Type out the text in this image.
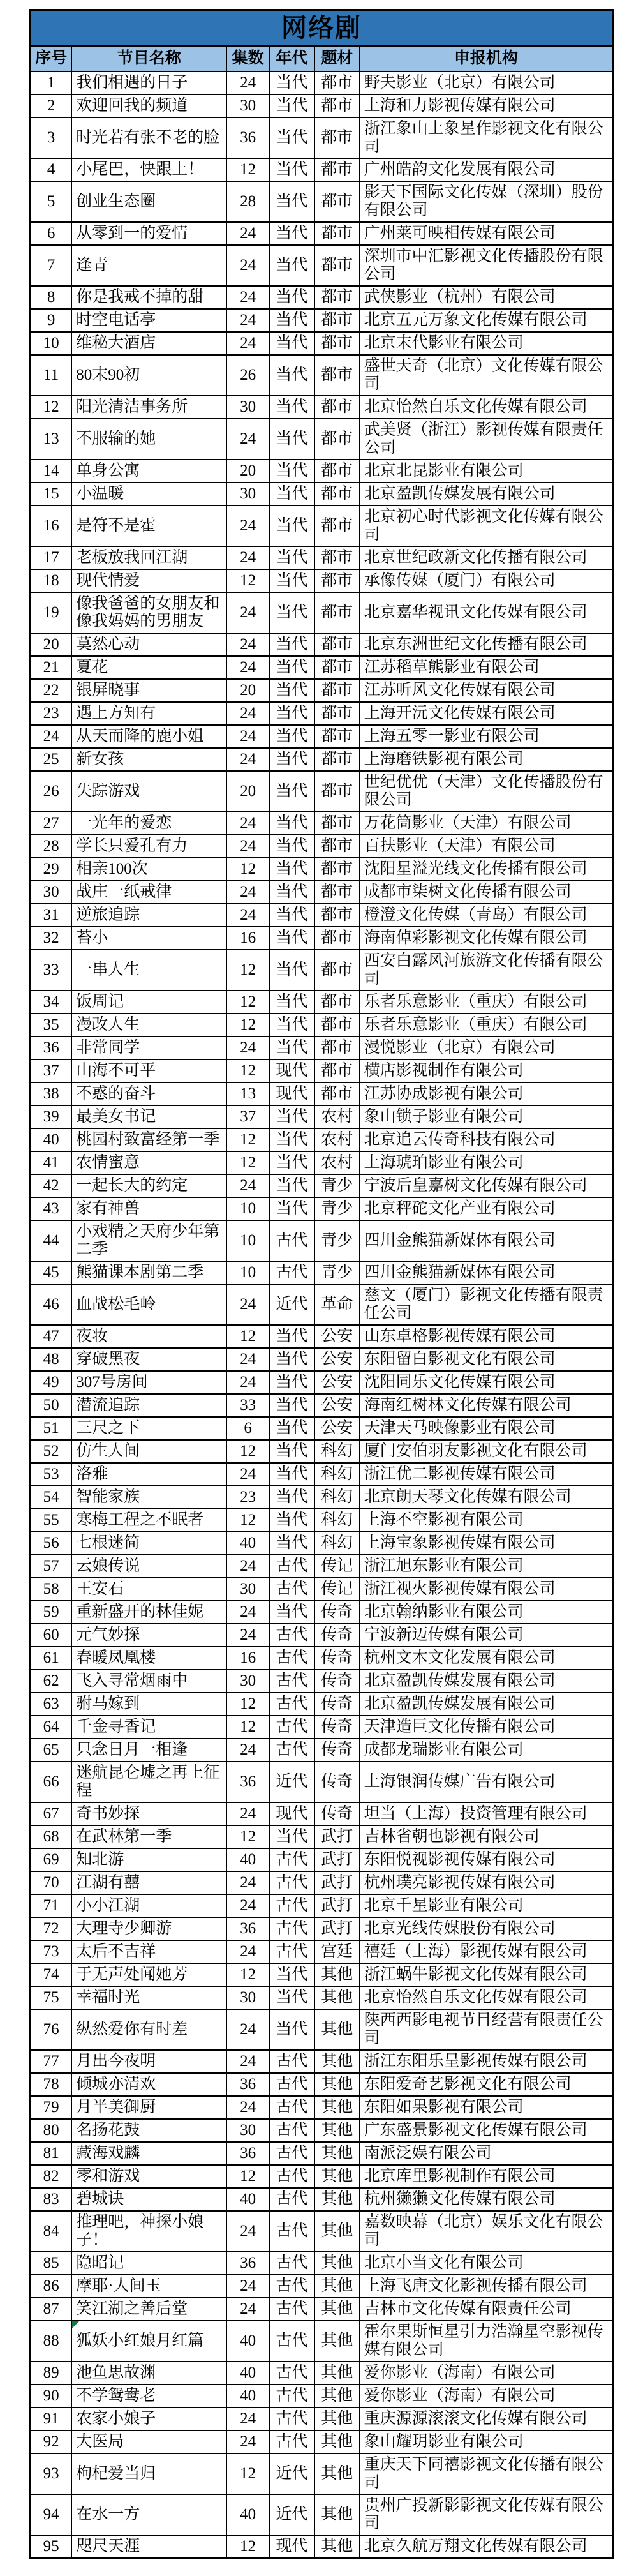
网络剧					
序号	节目名称	集数	年代	题材	申报机构
1	我们相遇的日子	24	当代	都市	野夫影业（北京）有限公司
2	欢迎回我的频道	30	当代	都市	上海和力影视传媒有限公司
3	时光若有张不老的脸	36	当代	都市	浙江象山上象星作影视文化有限公司
4	小尾巴，快跟上！	12	当代	都市	广州皓韵文化发展有限公司
5	创业生态圈	28	当代	都市	影天下国际文化传媒（深圳）股份有限公司
6	从零到一的爱情	24	当代	都市	广州莱可映相传媒有限公司
7	逢青	24	当代	都市	深圳市中汇影视文化传播股份有限公司
8	你是我戒不掉的甜	24	当代	都市	武侠影业（杭州）有限公司
9	时空电话亭	24	当代	都市	北京五元万象文化传媒有限公司
10	维秘大酒店	24	当代	都市	北京末代影业有限公司
11	80末90初	26	当代	都市	盛世天奇（北京）文化传媒有限公司
12	阳光清洁事务所	30	当代	都市	北京怡然自乐文化传媒有限公司
13	不服输的她	24	当代	都市	武美贤（浙江）影视传媒有限责任公司
14	单身公寓	20	当代	都市	北京北昆影业有限公司
15	小温暖	30	当代	都市	北京盈凯传媒发展有限公司
16	是符不是霍	24	当代	都市	北京初心时代影视文化传媒有限公司
17	老板放我回江湖	24	当代	都市	北京世纪政新文化传播有限公司
18	现代情爱	12	当代	都市	承像传媒（厦门）有限公司
19	像我爸爸的女朋友和像我妈妈的男朋友	24	当代	都市	北京嘉华视讯文化传媒有限公司
20	莫然心动	24	当代	都市	北京东洲世纪文化传播有限公司
21	夏花	24	当代	都市	江苏稻草熊影业有限公司
22	银屏晓事	20	当代	都市	江苏听风文化传媒有限公司
23	遇上方知有	24	当代	都市	上海开沅文化传媒有限公司
24	从天而降的鹿小姐	24	当代	都市	上海五零一影业有限公司
25	新女孩	24	当代	都市	上海磨铁影视有限公司
26	失踪游戏	20	当代	都市	世纪优优（天津）文化传播股份有限公司
27	一光年的爱恋	24	当代	都市	万花筒影业（天津）有限公司
28	学长只爱孔有力	24	当代	都市	百扶影业（天津）有限公司
29	相亲100次	12	当代	都市	沈阳星溢光线文化传播有限公司
30	战庄一纸戒律	24	当代	都市	成都市柒树文化传播有限公司
31	逆旅追踪	24	当代	都市	橙澄文化传媒（青岛）有限公司
32	苔小	16	当代	都市	海南倬彩影视文化传媒有限公司
33	一串人生	12	当代	都市	西安白露风河旅游文化传播有限公司
34	饭周记	12	当代	都市	乐者乐意影业（重庆）有限公司
35	漫改人生	12	当代	都市	乐者乐意影业（重庆）有限公司
36	非常同学	24	当代	都市	漫悦影业（北京）有限公司
37	山海不可平	12	现代	都市	横店影视制作有限公司
38	不惑的奋斗	13	现代	都市	江苏协成影视有限公司
39	最美女书记	37	当代	农村	象山锁子影业有限公司
40	桃园村致富经第一季	12	当代	农村	北京追云传奇科技有限公司
41	农情蜜意	12	当代	农村	上海琥珀影业有限公司
42	一起长大的约定	24	当代	青少	宁波后皇嘉树文化传媒有限公司
43	家有神兽	10	当代	青少	北京秤砣文化产业有限公司
44	小戏精之天府少年第二季	10	古代	青少	四川金熊猫新媒体有限公司
45	熊猫课本剧第二季	10	古代	青少	四川金熊猫新媒体有限公司
46	血战松毛岭	24	近代	革命	慈文（厦门）影视文化传播有限责任公司
47	夜妆	12	当代	公安	山东卓格影视传媒有限公司
48	穿破黑夜	24	当代	公安	东阳留白影视文化有限公司
49	307号房间	24	当代	公安	沈阳同乐文化传媒有限公司
50	潜流追踪	33	当代	公安	海南红树林文化传媒有限公司
51	三尺之下	6	当代	公安	天津天马映像影业有限公司
52	仿生人间	12	当代	科幻	厦门安伯羽友影视文化有限公司
53	洛雅	24	当代	科幻	浙江优二影视传媒有限公司
54	智能家族	23	当代	科幻	北京朗天琴文化传媒有限公司
55	寒梅工程之不眠者	12	当代	科幻	上海不空影视有限公司
56	七根迷简	40	当代	科幻	上海宝象影视传媒有限公司
57	云娘传说	24	古代	传记	浙江旭东影业有限公司
58	王安石	30	古代	传记	浙江视火影视传媒有限公司
59	重新盛开的林佳妮	24	当代	传奇	北京翰纳影业有限公司
60	元气妙探	24	古代	传奇	宁波新迈传媒有限公司
61	春暖凤凰楼	16	古代	传奇	杭州文木文化发展有限公司
62	飞入寻常烟雨中	30	古代	传奇	北京盈凯传媒发展有限公司
63	驸马嫁到	12	古代	传奇	北京盈凯传媒发展有限公司
64	千金寻香记	12	古代	传奇	天津造巨文化传播有限公司
65	只念日月一相逢	24	古代	传奇	成都龙瑞影业有限公司
66	迷航昆仑墟之再上征程	36	近代	传奇	上海银润传媒广告有限公司
67	奇书妙探	24	现代	传奇	坦当（上海）投资管理有限公司
68	在武林第一季	12	当代	武打	吉林省朝也影视有限公司
69	知北游	40	古代	武打	东阳悦视影视传媒有限公司
70	江湖有囍	24	古代	武打	杭州璞亮影视传媒有限公司
71	小小江湖	24	古代	武打	北京千星影业有限公司
72	大理寺少卿游	36	古代	武打	北京光线传媒股份有限公司
73	太后不吉祥	24	古代	宫廷	禧廷（上海）影视传媒有限公司
74	于无声处闻她芳	12	当代	其他	浙江蜗牛影视文化传媒有限公司
75	幸福时光	30	当代	其他	北京怡然自乐文化传媒有限公司
76	纵然爱你有时差	24	当代	其他	陕西西影电视节目经营有限责任公司
77	月出今夜明	24	古代	其他	浙江东阳乐呈影视传媒有限公司
78	倾城亦清欢	36	古代	其他	东阳爱奇艺影视文化有限公司
79	月半美御厨	24	古代	其他	东阳如果影视有限公司
80	名扬花鼓	30	古代	其他	广东盛景影视文化传媒有限公司
81	藏海戏麟	36	古代	其他	南派泛娱有限公司
82	零和游戏	12	古代	其他	北京库里影视制作有限公司
83	碧城诀	40	古代	其他	杭州獭獭文化传媒有限公司
84	推理吧，神探小娘子！	24	古代	其他	嘉数映幕（北京）娱乐文化有限公司
85	隐昭记	36	古代	其他	北京小当文化有限公司
86	摩耶·人间玉	24	古代	其他	上海飞唐文化影视传播有限公司
87	笑江湖之善后堂	24	古代	其他	吉林市文化传媒有限责任公司
88	狐妖小红娘月红篇	40	古代	其他	霍尔果斯恒星引力浩瀚星空影视传媒有限公司
89	池鱼思故渊	40	古代	其他	爱你影业（海南）有限公司
90	不学鸳鸯老	40	古代	其他	爱你影业（海南）有限公司
91	农家小娘子	24	古代	其他	重庆源源滚滚文化传媒有限公司
92	大医局	24	古代	其他	象山耀玥影业有限公司
93	枸杞爱当归	12	近代	其他	重庆天下同禧影视文化传播有限公司
94	在水一方	40	近代	其他	贵州广投新影影视文化传媒有限公司
95	咫尺天涯	12	现代	其他	北京久航万翔文化传媒有限公司
